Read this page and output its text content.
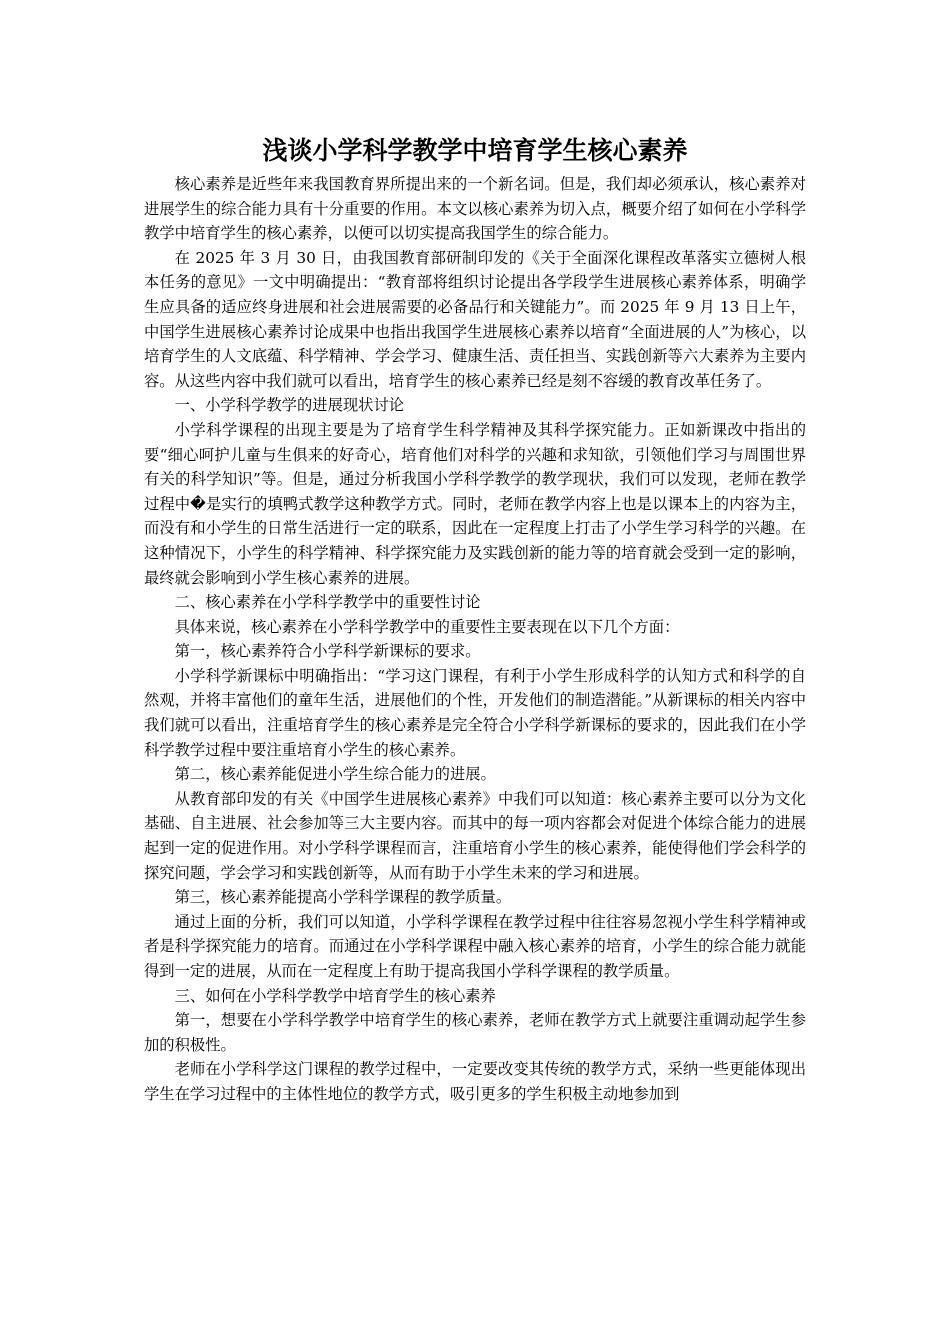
浅谈小学科学教学中培育学生核心素养

核心素养是近些年来我国教育界所提出来的一个新名词。但是，我们却必须承认，核心素养对进展学生的综合能力具有十分重要的作用。本文以核心素养为切入点，概要介绍了如何在小学科学教学中培育学生的核心素养，以便可以切实提高我国学生的综合能力。

在 2025 年 3 月 30 日，由我国教育部研制印发的《关于全面深化课程改革落实立德树人根本任务的意见》一文中明确提出：“教育部将组织讨论提出各学段学生进展核心素养体系，明确学生应具备的适应终身进展和社会进展需要的必备品行和关键能力”。而 2025 年 9 月 13 日上午，中国学生进展核心素养讨论成果中也指出我国学生进展核心素养以培育“全面进展的人”为核心，以培育学生的人文底蕴、科学精神、学会学习、健康生活、责任担当、实践创新等六大素养为主要内容。从这些内容中我们就可以看出，培育学生的核心素养已经是刻不容缓的教育改革任务了。

一、小学科学教学的进展现状讨论

小学科学课程的出现主要是为了培育学生科学精神及其科学探究能力。正如新课改中指出的要“细心呵护儿童与生俱来的好奇心，培育他们对科学的兴趣和求知欲，引领他们学习与周围世界有关的科学知识”等。但是，通过分析我国小学科学教学的教学现状，我们可以发现，老师在教学过程中�是实行的填鸭式教学这种教学方式。同时，老师在教学内容上也是以课本上的内容为主，而没有和小学生的日常生活进行一定的联系，因此在一定程度上打击了小学生学习科学的兴趣。在这种情况下，小学生的科学精神、科学探究能力及实践创新的能力等的培育就会受到一定的影响，最终就会影响到小学生核心素养的进展。

二、核心素养在小学科学教学中的重要性讨论

具体来说，核心素养在小学科学教学中的重要性主要表现在以下几个方面：

第一，核心素养符合小学科学新课标的要求。

小学科学新课标中明确指出：“学习这门课程，有利于小学生形成科学的认知方式和科学的自然观，并将丰富他们的童年生活，进展他们的个性，开发他们的制造潜能。”从新课标的相关内容中我们就可以看出，注重培育学生的核心素养是完全符合小学科学新课标的要求的，因此我们在小学科学教学过程中要注重培育小学生的核心素养。

第二，核心素养能促进小学生综合能力的进展。

从教育部印发的有关《中国学生进展核心素养》中我们可以知道：核心素养主要可以分为文化基础、自主进展、社会参加等三大主要内容。而其中的每一项内容都会对促进个体综合能力的进展起到一定的促进作用。对小学科学课程而言，注重培育小学生的核心素养，能使得他们学会科学的探究问题，学会学习和实践创新等，从而有助于小学生未来的学习和进展。

第三，核心素养能提高小学科学课程的教学质量。

通过上面的分析，我们可以知道，小学科学课程在教学过程中往往容易忽视小学生科学精神或者是科学探究能力的培育。而通过在小学科学课程中融入核心素养的培育，小学生的综合能力就能得到一定的进展，从而在一定程度上有助于提高我国小学科学课程的教学质量。

三、如何在小学科学教学中培育学生的核心素养

第一，想要在小学科学教学中培育学生的核心素养，老师在教学方式上就要注重调动起学生参加的积极性。

老师在小学科学这门课程的教学过程中，一定要改变其传统的教学方式，采纳一些更能体现出学生在学习过程中的主体性地位的教学方式，吸引更多的学生积极主动地参加到
